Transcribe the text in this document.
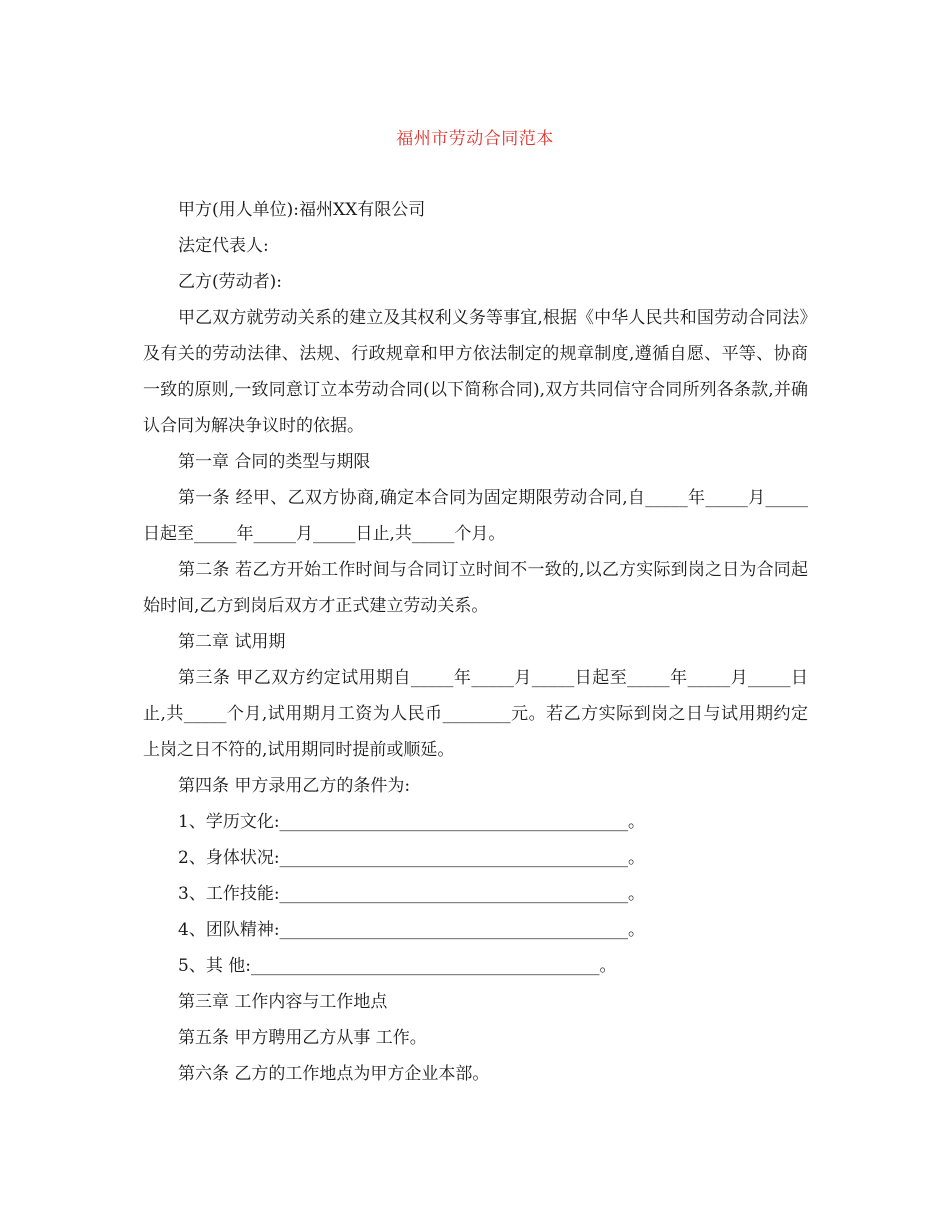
福州市劳动合同范本

甲方(用人单位):福州XX有限公司

法定代表人:

乙方(劳动者):

甲乙双方就劳动关系的建立及其权利义务等事宜,根据《中华人民共和国劳动合同法》及有关的劳动法律、法规、行政规章和甲方依法制定的规章制度,遵循自愿、平等、协商一致的原则,一致同意订立本劳动合同(以下简称合同),双方共同信守合同所列各条款,并确认合同为解决争议时的依据。

第一章 合同的类型与期限

第一条 经甲、乙双方协商,确定本合同为固定期限劳动合同,自_____年_____月_____日起至_____年_____月_____日止,共_____个月。

第二条 若乙方开始工作时间与合同订立时间不一致的,以乙方实际到岗之日为合同起始时间,乙方到岗后双方才正式建立劳动关系。

第二章 试用期

第三条 甲乙双方约定试用期自_____年_____月_____日起至_____年_____月_____日止,共_____个月,试用期月工资为人民币________元。若乙方实际到岗之日与试用期约定上岗之日不符的,试用期同时提前或顺延。

第四条 甲方录用乙方的条件为:

1、学历文化:_________________________________________。

2、身体状况:_________________________________________。

3、工作技能:_________________________________________。

4、团队精神:_________________________________________。

5、其 他:_________________________________________。

第三章 工作内容与工作地点

第五条 甲方聘用乙方从事 工作。

第六条 乙方的工作地点为甲方企业本部。
